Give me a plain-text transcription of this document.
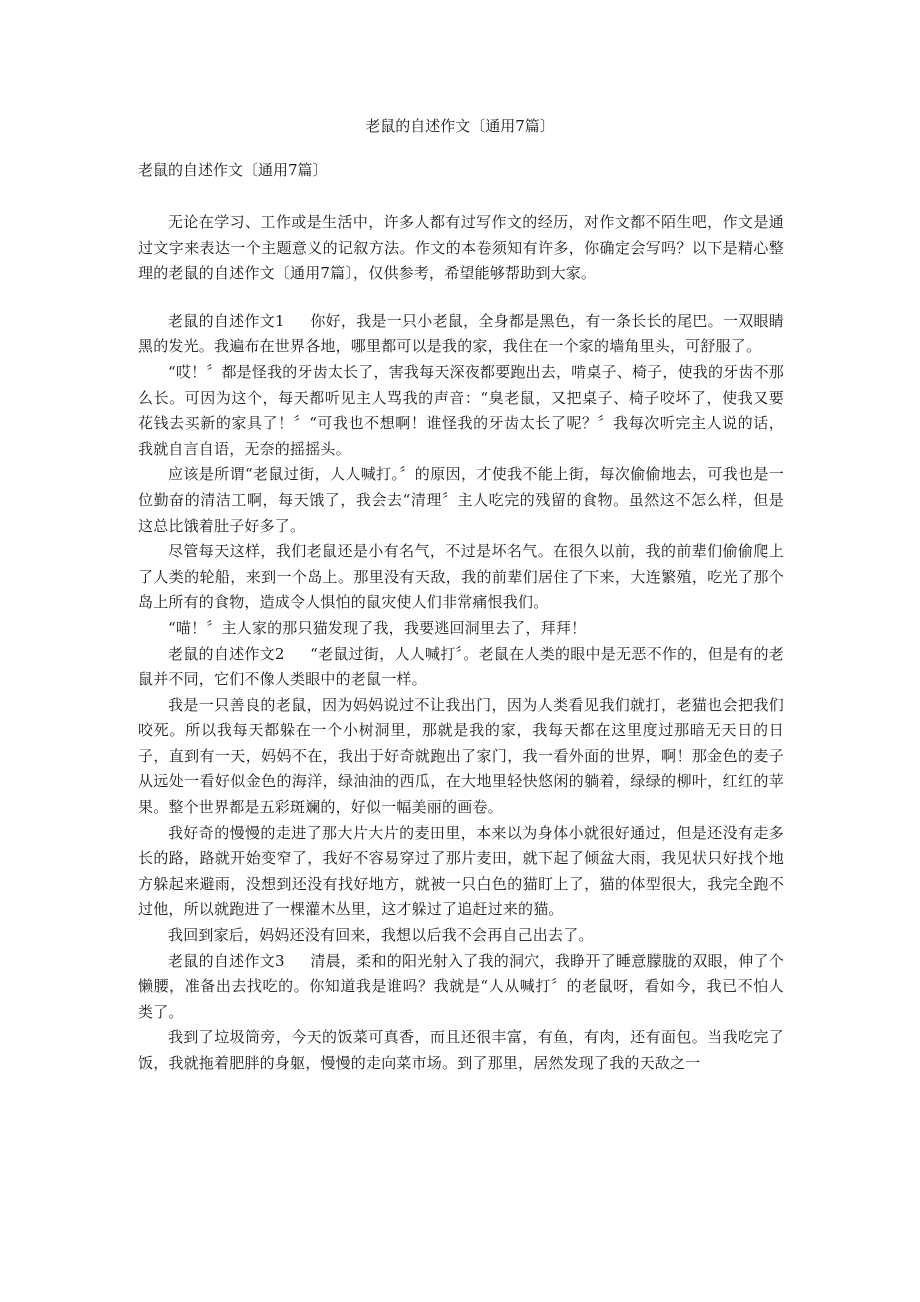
老鼠的自述作文〔通用7篇〕
老鼠的自述作文〔通用7篇〕

无论在学习、工作或是生活中，许多人都有过写作文的经历，对作文都不陌生吧，作文是通过文字来表达一个主题意义的记叙方法。作文的本卷须知有许多，你确定会写吗？以下是精心整理的老鼠的自述作文〔通用7篇〕，仅供参考，希望能够帮助到大家。

老鼠的自述作文1 你好，我是一只小老鼠，全身都是黑色，有一条长长的尾巴。一双眼睛黑的发光。我遍布在世界各地，哪里都可以是我的家，我住在一个家的墙角里头，可舒服了。

“哎！〞都是怪我的牙齿太长了，害我每天深夜都要跑出去，啃桌子、椅子，使我的牙齿不那么长。可因为这个，每天都听见主人骂我的声音：“臭老鼠，又把桌子、椅子咬坏了，使我又要花钱去买新的家具了！〞“可我也不想啊！谁怪我的牙齿太长了呢？〞我每次听完主人说的话，我就自言自语，无奈的摇摇头。

应该是所谓“老鼠过街，人人喊打。〞的原因，才使我不能上街，每次偷偷地去，可我也是一位勤奋的清洁工啊，每天饿了，我会去“清理〞主人吃完的残留的食物。虽然这不怎么样，但是这总比饿着肚子好多了。

尽管每天这样，我们老鼠还是小有名气，不过是坏名气。在很久以前，我的前辈们偷偷爬上了人类的轮船，来到一个岛上。那里没有天敌，我的前辈们居住了下来，大连繁殖，吃光了那个岛上所有的食物，造成令人惧怕的鼠灾使人们非常痛恨我们。

“喵！〞主人家的那只猫发现了我，我要逃回洞里去了，拜拜！

老鼠的自述作文2 “老鼠过街，人人喊打〞。老鼠在人类的眼中是无恶不作的，但是有的老鼠并不同，它们不像人类眼中的老鼠一样。

我是一只善良的老鼠，因为妈妈说过不让我出门，因为人类看见我们就打，老猫也会把我们咬死。所以我每天都躲在一个小树洞里，那就是我的家，我每天都在这里度过那暗无天日的日子，直到有一天，妈妈不在，我出于好奇就跑出了家门，我一看外面的世界，啊！那金色的麦子从远处一看好似金色的海洋，绿油油的西瓜，在大地里轻快悠闲的躺着，绿绿的柳叶，红红的苹果。整个世界都是五彩斑斓的，好似一幅美丽的画卷。

我好奇的慢慢的走进了那大片大片的麦田里，本来以为身体小就很好通过，但是还没有走多长的路，路就开始变窄了，我好不容易穿过了那片麦田，就下起了倾盆大雨，我见状只好找个地方躲起来避雨，没想到还没有找好地方，就被一只白色的猫盯上了，猫的体型很大，我完全跑不过他，所以就跑进了一棵灌木丛里，这才躲过了追赶过来的猫。

我回到家后，妈妈还没有回来，我想以后我不会再自己出去了。

老鼠的自述作文3 清晨，柔和的阳光射入了我的洞穴，我睁开了睡意朦胧的双眼，伸了个懒腰，准备出去找吃的。你知道我是谁吗？我就是“人从喊打〞的老鼠呀，看如今，我已不怕人类了。

我到了垃圾筒旁，今天的饭菜可真香，而且还很丰富，有鱼，有肉，还有面包。当我吃完了饭，我就拖着肥胖的身躯，慢慢的走向菜市场。到了那里，居然发现了我的天敌之一
